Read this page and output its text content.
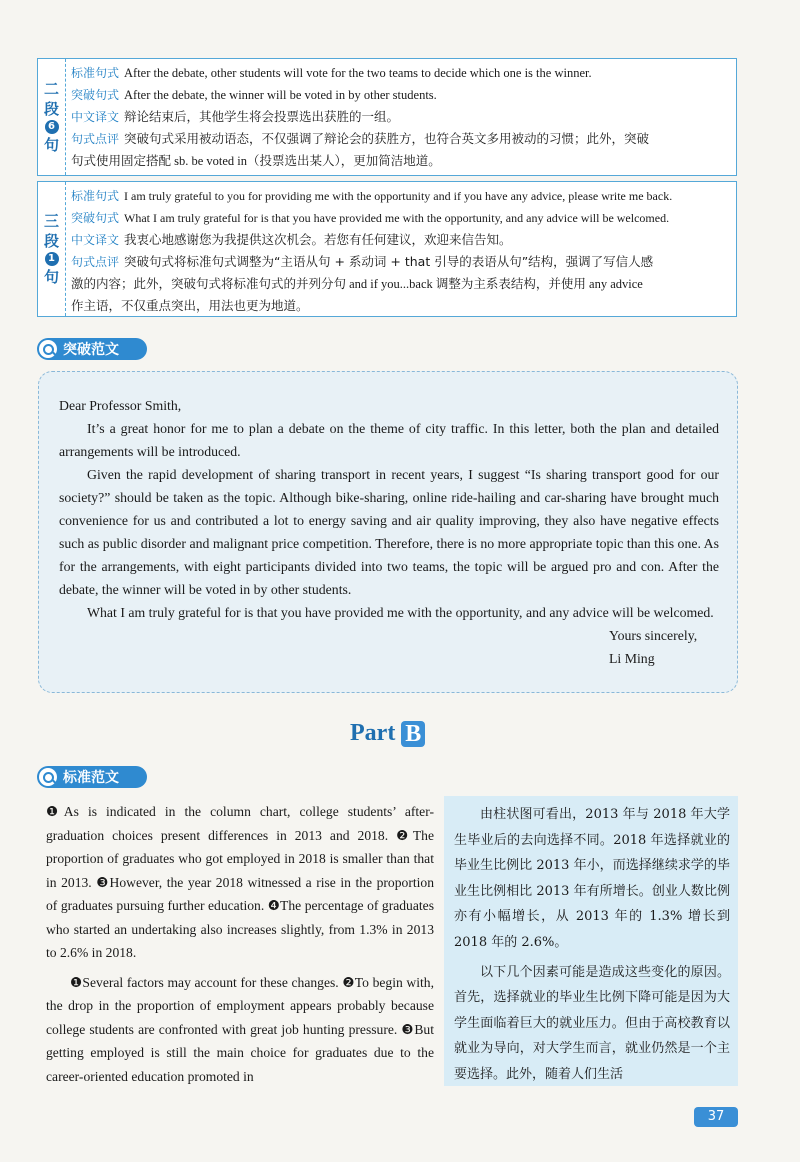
二
段
6
句
标准句式 After the debate, other students will vote for the two teams to decide which one is the winner.
突破句式 After the debate, the winner will be voted in by other students.
中文译文 辩论结束后，其他学生将会投票选出获胜的一组。
句式点评 突破句式采用被动语态，不仅强调了辩论会的获胜方，也符合英文多用被动的习惯；此外，突破
句式使用固定搭配 sb. be voted in（投票选出某人），更加简洁地道。
三
段
1
句
标准句式 I am truly grateful to you for providing me with the opportunity and if you have any advice, please write me back.
突破句式 What I am truly grateful for is that you have provided me with the opportunity, and any advice will be welcomed.
中文译文 我衷心地感谢您为我提供这次机会。若您有任何建议，欢迎来信告知。
句式点评 突破句式将标准句式调整为“主语从句 + 系动词 + that 引导的表语从句”结构，强调了写信人感
激的内容；此外，突破句式将标准句式的并列分句 and if you...back 调整为主系表结构，并使用 any advice
作主语，不仅重点突出，用法也更为地道。
突破范文

Dear Professor Smith,

It’s a great honor for me to plan a debate on the theme of city traffic. In this letter, both the plan and detailed arrangements will be introduced.

Given the rapid development of sharing transport in recent years, I suggest “Is sharing transport good for our society?” should be taken as the topic. Although bike-sharing, online ride-hailing and car-sharing have brought much convenience for us and contributed a lot to energy saving and air quality improving, they also have negative effects such as public disorder and malignant price competition. Therefore, there is no more appropriate topic than this one. As for the arrangements, with eight participants divided into two teams, the topic will be argued pro and con. After the debate, the winner will be voted in by other students.

What I am truly grateful for is that you have provided me with the opportunity, and any advice will be welcomed.

Yours sincerely,

Li Ming

Part B
标准范文

❶As is indicated in the column chart, college students’ after-graduation choices present differences in 2013 and 2018. ❷The proportion of graduates who got employed in 2018 is smaller than that in 2013. ❸However, the year 2018 witnessed a rise in the proportion of graduates pursuing further education. ❹The percentage of graduates who started an undertaking also increases slightly, from 1.3% in 2013 to 2.6% in 2018.

❶Several factors may account for these changes. ❷To begin with, the drop in the proportion of employment appears probably because college students are confronted with great job hunting pressure. ❸But getting employed is still the main choice for graduates due to the career-oriented education promoted in

由柱状图可看出，2013 年与 2018 年大学生毕业后的去向选择不同。2018 年选择就业的毕业生比例比 2013 年小，而选择继续求学的毕业生比例相比 2013 年有所增长。创业人数比例亦有小幅增长，从 2013 年的 1.3% 增长到 2018 年的 2.6%。

以下几个因素可能是造成这些变化的原因。首先，选择就业的毕业生比例下降可能是因为大学生面临着巨大的就业压力。但由于高校教育以就业为导向，对大学生而言，就业仍然是一个主要选择。此外，随着人们生活

37
